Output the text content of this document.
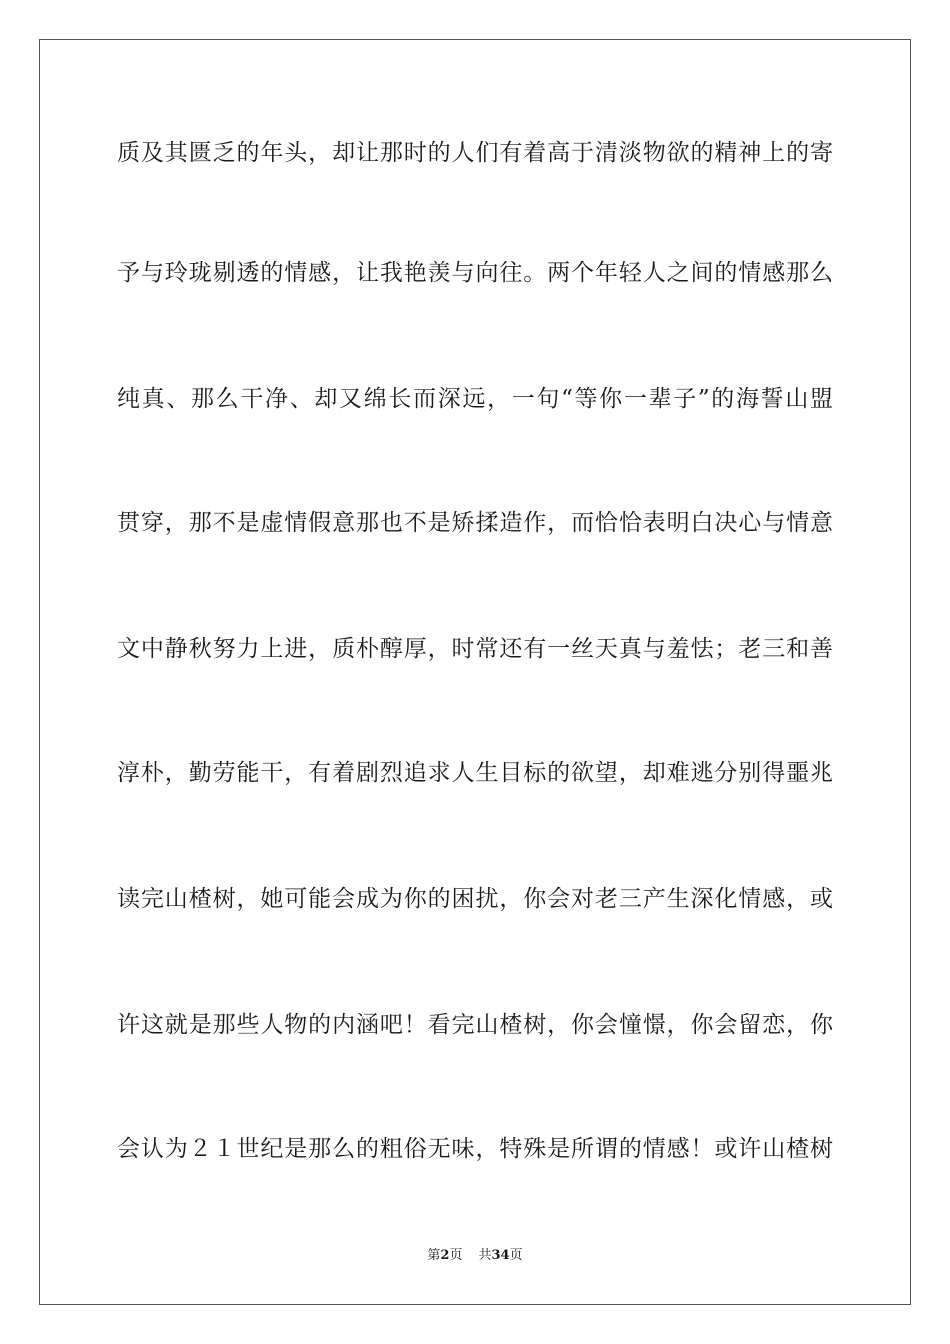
质及其匮乏的年头，却让那时的人们有着高于清淡物欲的精神上的寄
予与玲珑剔透的情感，让我艳羡与向往。两个年轻人之间的情感那么
纯真、那么干净、却又绵长而深远，一句“等你一辈子”的海誓山盟
贯穿，那不是虚情假意那也不是矫揉造作，而恰恰表明白决心与情意
文中静秋努力上进，质朴醇厚，时常还有一丝天真与羞怯；老三和善
淳朴，勤劳能干，有着剧烈追求人生目标的欲望，却难逃分别得噩兆
读完山楂树，她可能会成为你的困扰，你会对老三产生深化情感，或
许这就是那些人物的内涵吧！看完山楂树，你会憧憬，你会留恋，你
会认为２１世纪是那么的粗俗无味，特殊是所谓的情感！或许山楂树
第2页 共34页
